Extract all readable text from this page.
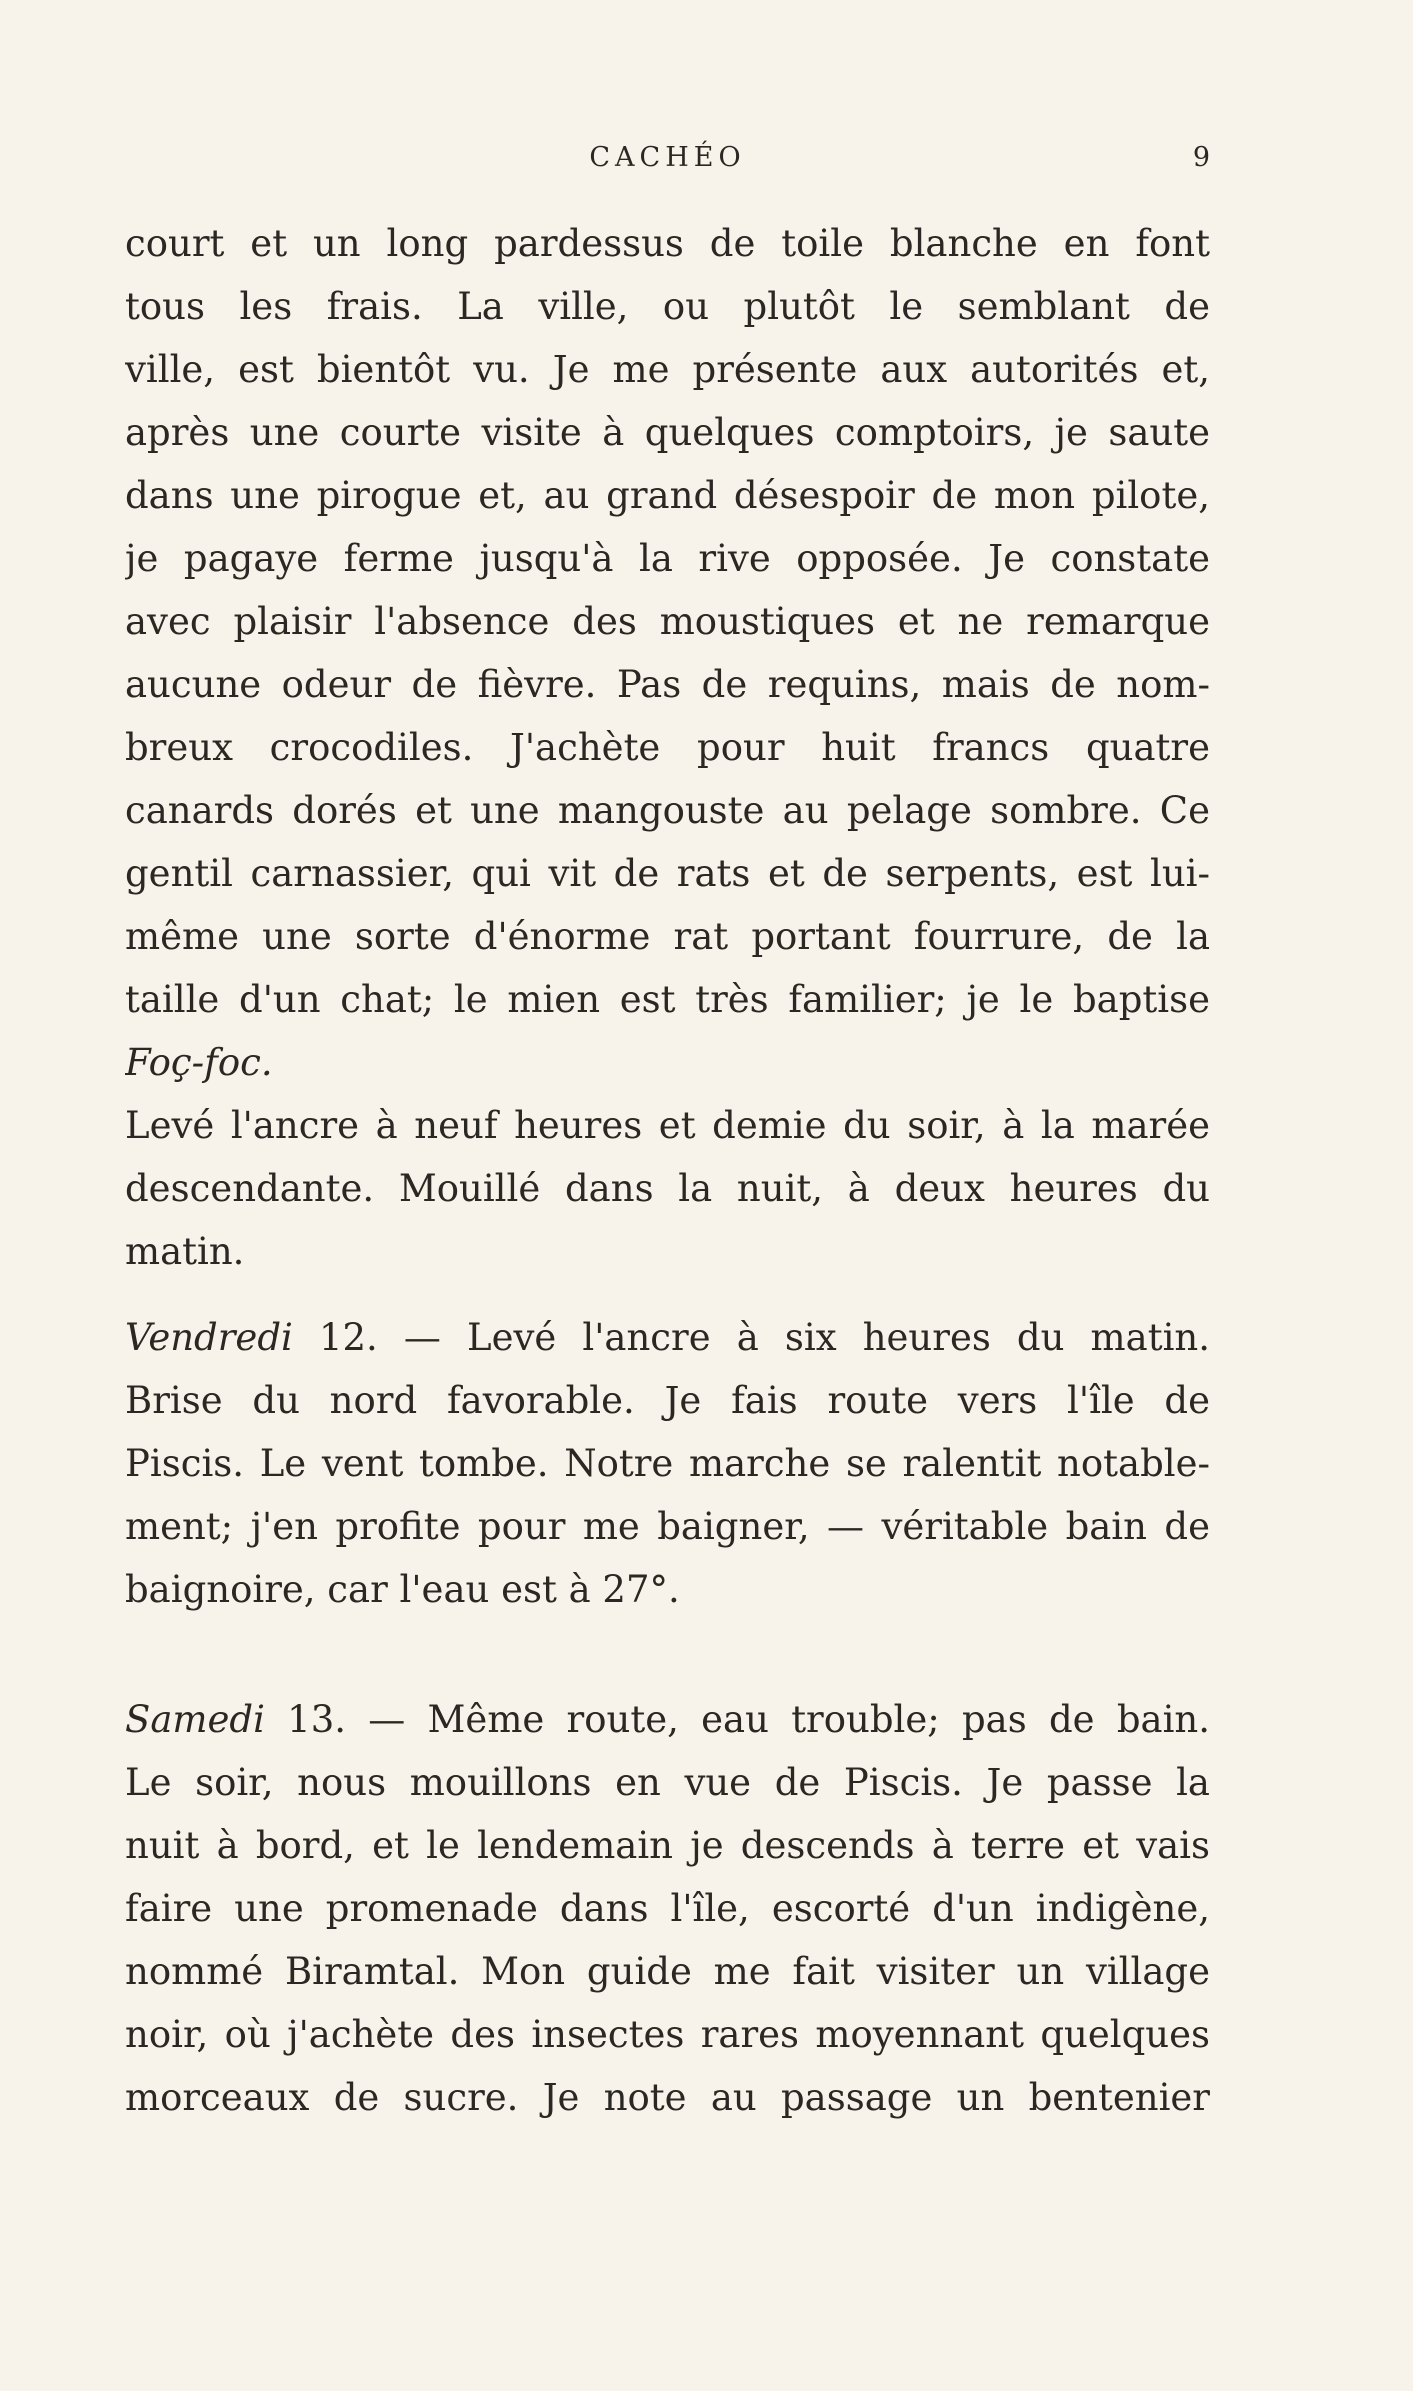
CACHÉO	9
court et un long pardessus de toile blanche en font
tous les frais. La ville, ou plutôt le semblant de
ville, est bientôt vu. Je me présente aux autorités et,
après une courte visite à quelques comptoirs, je saute
dans une pirogue et, au grand désespoir de mon pilote,
je pagaye ferme jusqu'à la rive opposée. Je constate
avec plaisir l'absence des moustiques et ne remarque
aucune odeur de fièvre. Pas de requins, mais de nom-
breux crocodiles. J'achète pour huit francs quatre
canards dorés et une mangouste au pelage sombre. Ce
gentil carnassier, qui vit de rats et de serpents, est lui-
même une sorte d'énorme rat portant fourrure, de la
taille d'un chat; le mien est très familier; je le baptise
Foç-foc.
Levé l'ancre à neuf heures et demie du soir, à la marée
descendante. Mouillé dans la nuit, à deux heures du
matin.
Vendredi 12. — Levé l'ancre à six heures du matin.
Brise du nord favorable. Je fais route vers l'île de
Piscis. Le vent tombe. Notre marche se ralentit notable-
ment; j'en profite pour me baigner, — véritable bain de
baignoire, car l'eau est à 27°.
Samedi 13. — Même route, eau trouble; pas de bain.
Le soir, nous mouillons en vue de Piscis. Je passe la
nuit à bord, et le lendemain je descends à terre et vais
faire une promenade dans l'île, escorté d'un indigène,
nommé Biramtal. Mon guide me fait visiter un village
noir, où j'achète des insectes rares moyennant quelques
morceaux de sucre. Je note au passage un bentenier
